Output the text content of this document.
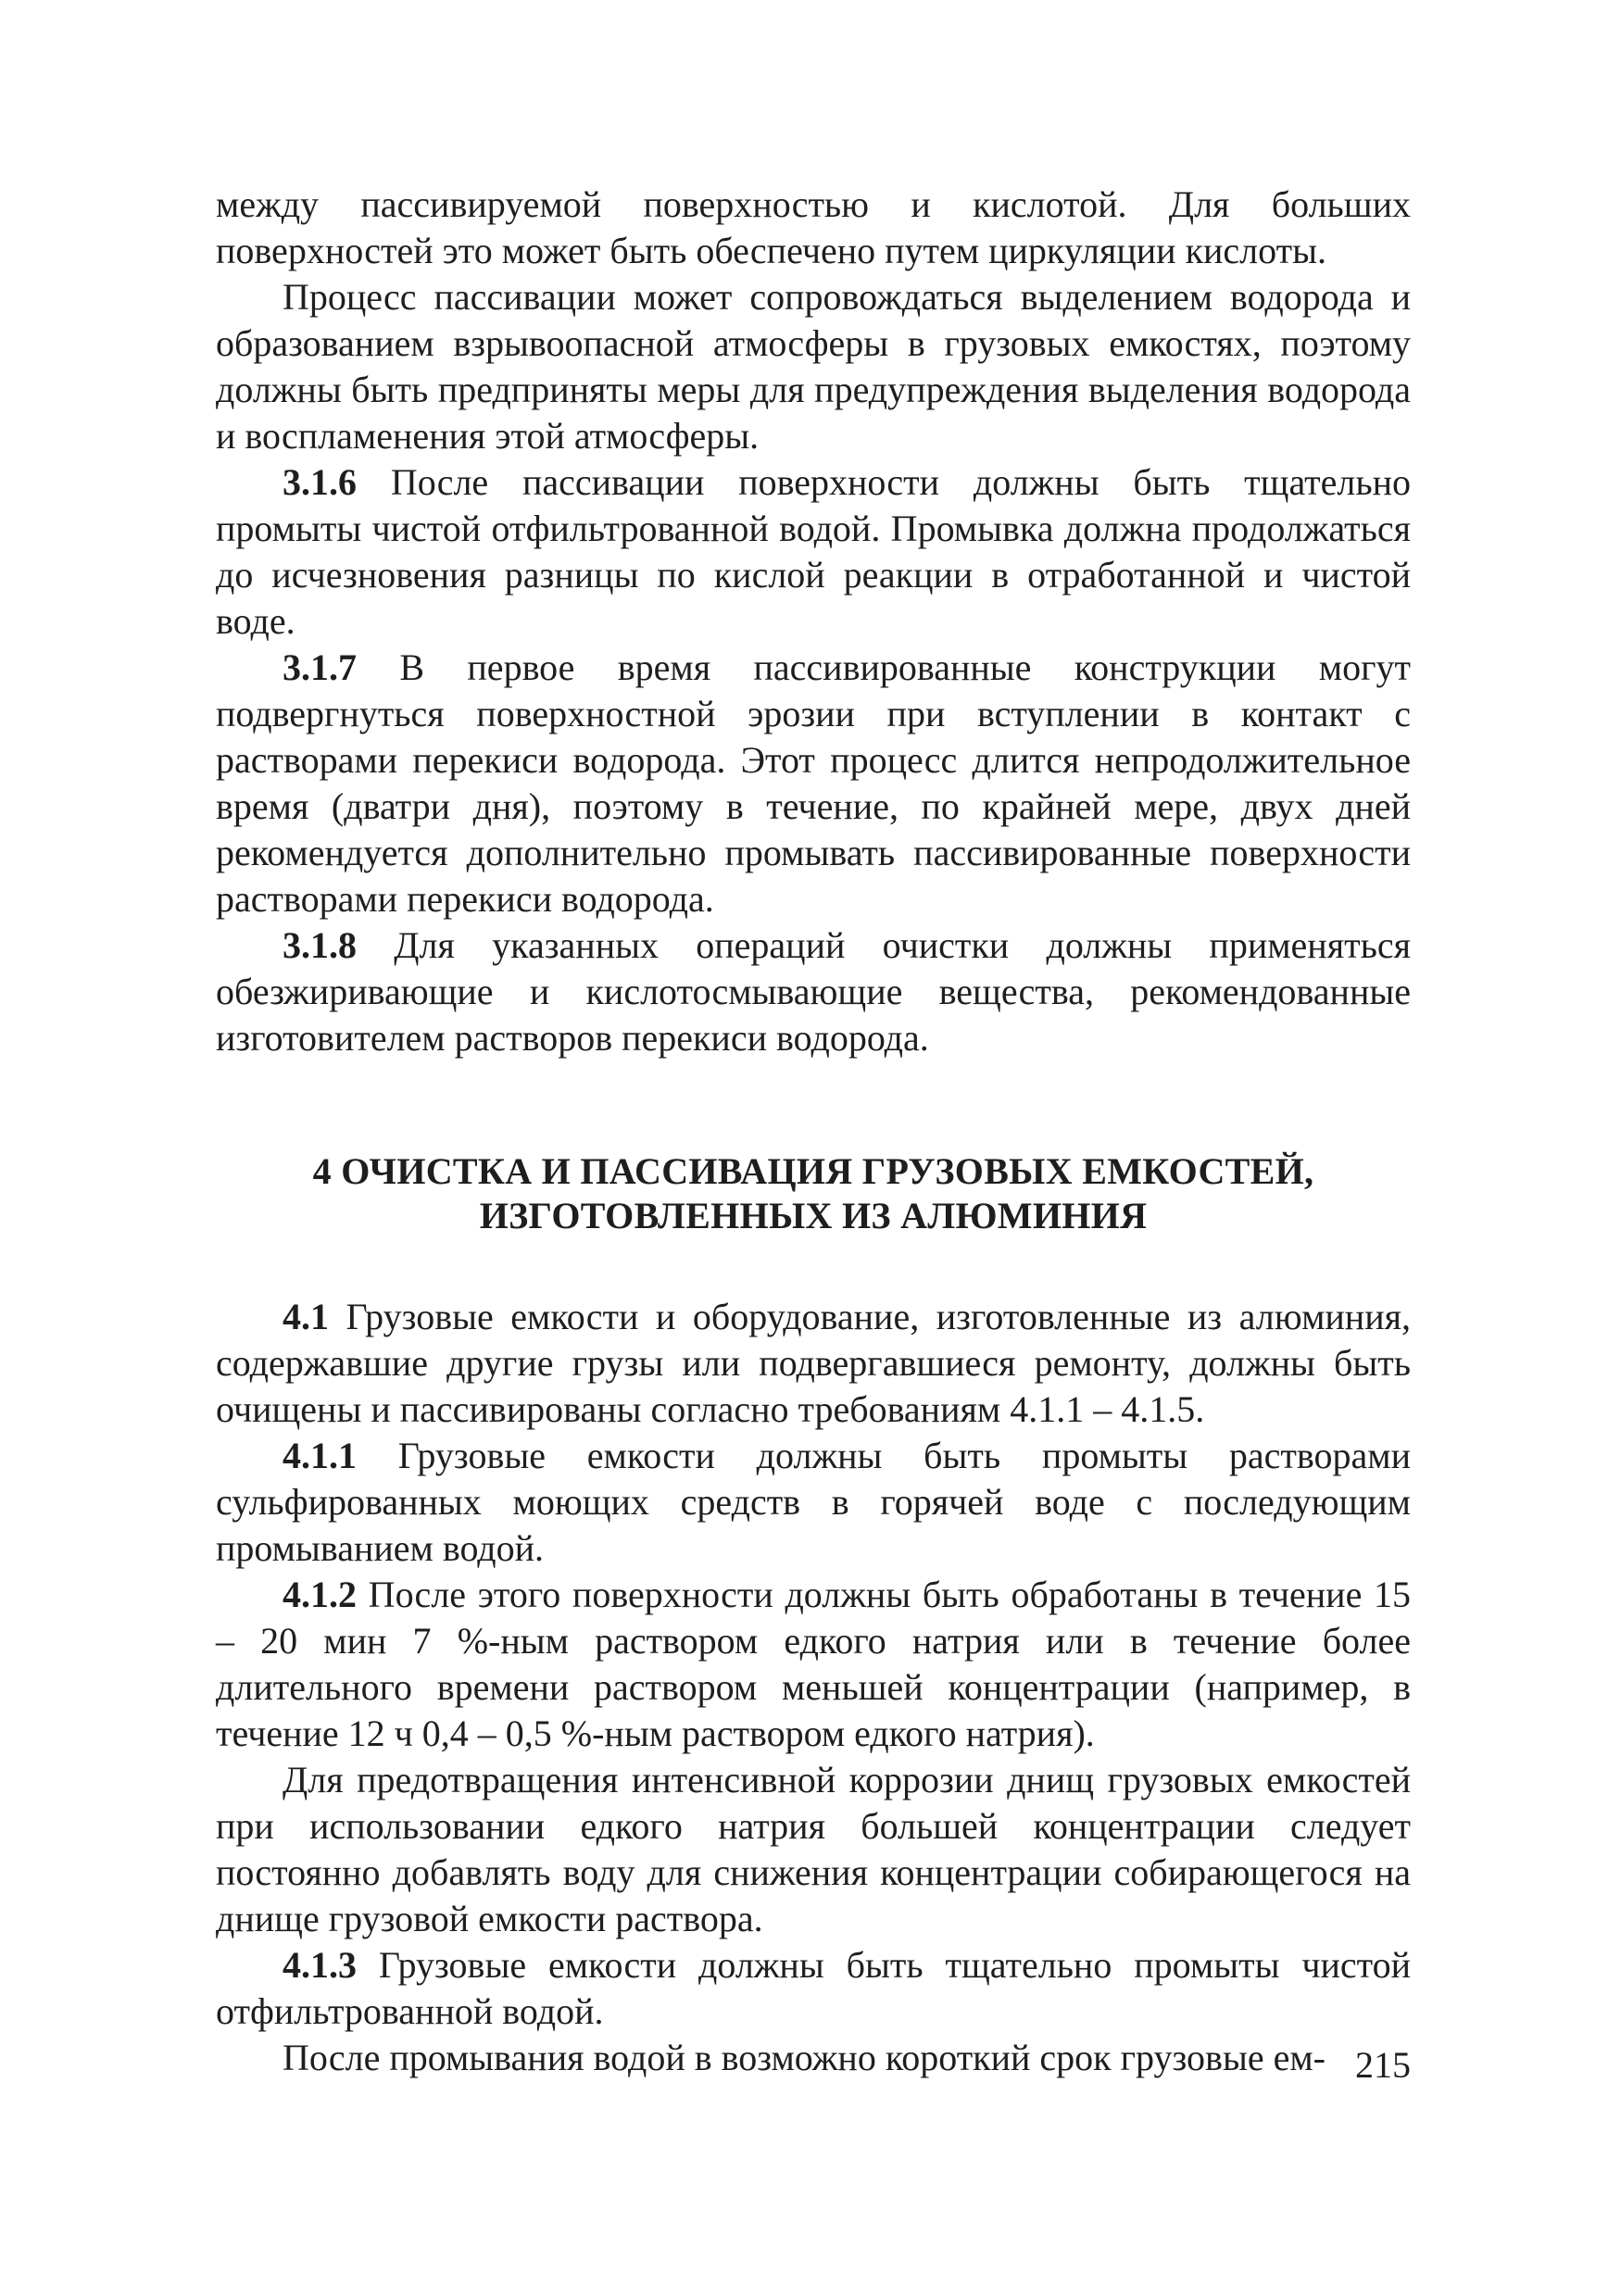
между пассивируемой поверхностью и кислотой. Для больших поверхностей это может быть обеспечено путем циркуляции кислоты.

Процесс пассивации может сопровождаться выделением водорода и образованием взрывоопасной атмосферы в грузовых емкостях, поэтому должны быть предприняты меры для предупреждения выделения водорода и воспламенения этой атмосферы.

3.1.6 После пассивации поверхности должны быть тщательно промыты чистой отфильтрованной водой. Промывка должна продолжаться до исчезновения разницы по кислой реакции в отработанной и чистой воде.

3.1.7 В первое время пассивированные конструкции могут подвергнуться поверхностной эрозии при вступлении в контакт с растворами перекиси водорода. Этот процесс длится непродолжительное время (дватри дня), поэтому в течение, по крайней мере, двух дней рекомендуется дополнительно промывать пассивированные поверхности растворами перекиси водорода.

3.1.8 Для указанных операций очистки должны применяться обезжиривающие и кислотосмывающие вещества, рекомендованные изготовителем растворов перекиси водорода.

4 ОЧИСТКА И ПАССИВАЦИЯ ГРУЗОВЫХ ЕМКОСТЕЙ,
ИЗГОТОВЛЕННЫХ ИЗ АЛЮМИНИЯ

4.1 Грузовые емкости и оборудование, изготовленные из алюминия, содержавшие другие грузы или подвергавшиеся ремонту, должны быть очищены и пассивированы согласно требованиям 4.1.1 – 4.1.5.

4.1.1 Грузовые емкости должны быть промыты растворами сульфированных моющих средств в горячей воде с последующим промыванием водой.

4.1.2 После этого поверхности должны быть обработаны в течение 15 – 20 мин 7 %-ным раствором едкого натрия или в течение более длительного времени раствором меньшей концентрации (например, в течение 12 ч 0,4 – 0,5 %-ным раствором едкого натрия).

Для предотвращения интенсивной коррозии днищ грузовых емкостей при использовании едкого натрия большей концентрации следует постоянно добавлять воду для снижения концентрации собирающегося на днище грузовой емкости раствора.

4.1.3 Грузовые емкости должны быть тщательно промыты чистой отфильтрованной водой.

После промывания водой в возможно короткий срок грузовые ем- 215
